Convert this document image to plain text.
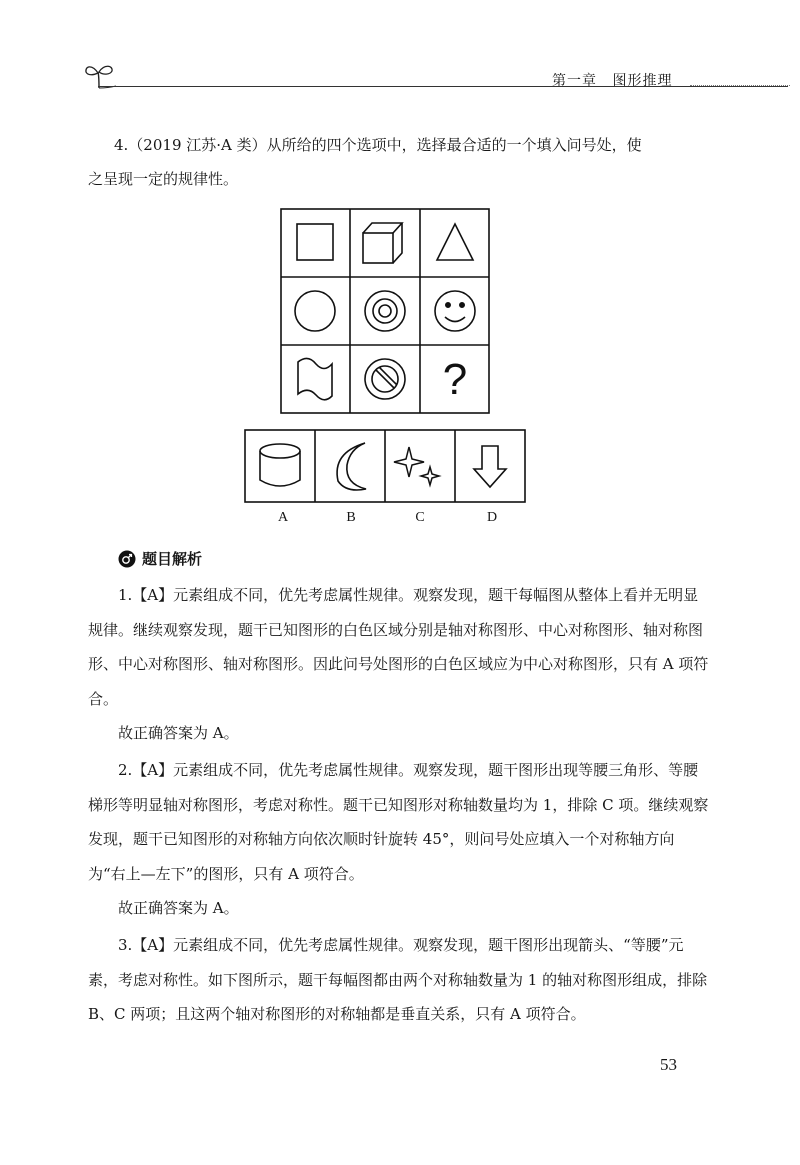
第一章 图形推理

4.（2019 江苏·A 类）从所给的四个选项中，选择最合适的一个填入问号处，使
之呈现一定的规律性。

?
A	B	C	D
题目解析

1.【A】元素组成不同，优先考虑属性规律。观察发现，题干每幅图从整体上看并无明显规律。继续观察发现，题干已知图形的白色区域分别是轴对称图形、中心对称图形、轴对称图形、中心对称图形、轴对称图形。因此问号处图形的白色区域应为中心对称图形，只有 A 项符合。

故正确答案为 A。

2.【A】元素组成不同，优先考虑属性规律。观察发现，题干图形出现等腰三角形、等腰梯形等明显轴对称图形，考虑对称性。题干已知图形对称轴数量均为 1，排除 C 项。继续观察发现，题干已知图形的对称轴方向依次顺时针旋转 45°，则问号处应填入一个对称轴方向为“右上—左下”的图形，只有 A 项符合。

故正确答案为 A。

3.【A】元素组成不同，优先考虑属性规律。观察发现，题干图形出现箭头、“等腰”元素，考虑对称性。如下图所示，题干每幅图都由两个对称轴数量为 1 的轴对称图形组成，排除 B、C 两项；且这两个轴对称图形的对称轴都是垂直关系，只有 A 项符合。

53
